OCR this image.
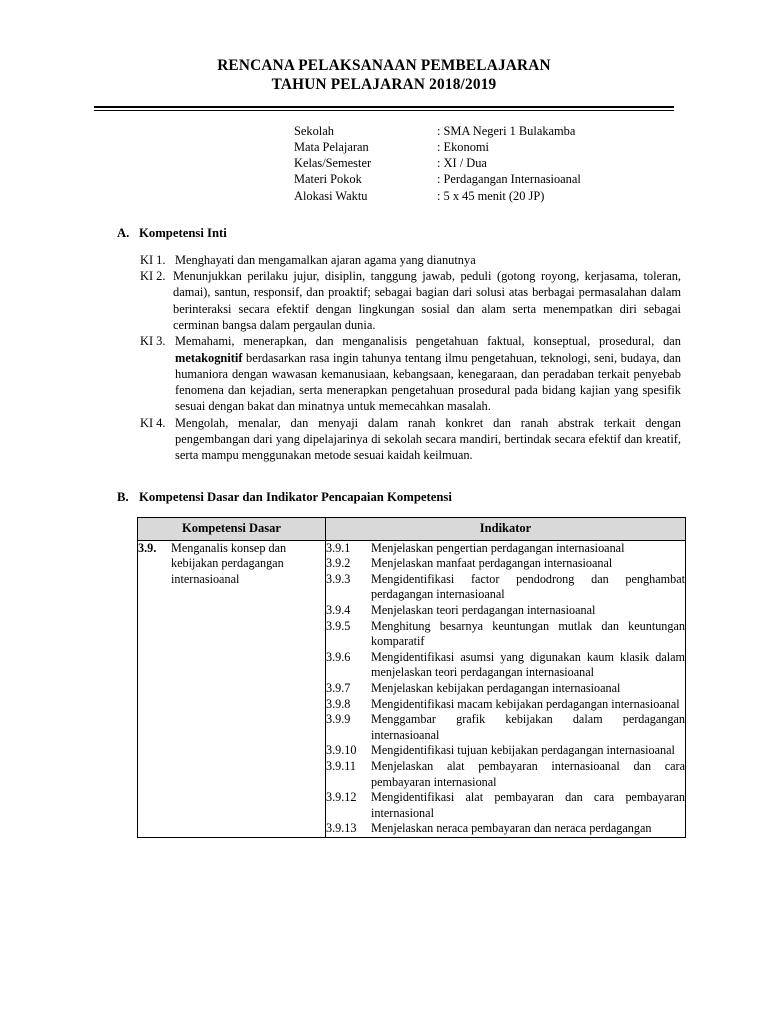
RENCANA PELAKSANAAN PEMBELAJARAN
TAHUN PELAJARAN 2018/2019
Sekolah	: SMA Negeri 1 Bulakamba
Mata Pelajaran	: Ekonomi
Kelas/Semester	: XI / Dua
Materi Pokok	: Perdagangan Internasioanal
Alokasi Waktu	: 5 x 45 menit (20 JP)
A. Kompetensi Inti
KI 1. Menghayati dan mengamalkan ajaran agama yang dianutnya
KI 2. Menunjukkan perilaku jujur, disiplin, tanggung jawab, peduli (gotong royong, kerjasama, toleran, damai), santun, responsif, dan proaktif; sebagai bagian dari solusi atas berbagai permasalahan dalam berinteraksi secara efektif dengan lingkungan sosial dan alam serta menempatkan diri sebagai cerminan bangsa dalam pergaulan dunia.
KI 3. Memahami, menerapkan, dan menganalisis pengetahuan faktual, konseptual, prosedural, dan metakognitif berdasarkan rasa ingin tahunya tentang ilmu pengetahuan, teknologi, seni, budaya, dan humaniora dengan wawasan kemanusiaan, kebangsaan, kenegaraan, dan peradaban terkait penyebab fenomena dan kejadian, serta menerapkan pengetahuan prosedural pada bidang kajian yang spesifik sesuai dengan bakat dan minatnya untuk memecahkan masalah.
KI 4. Mengolah, menalar, dan menyaji dalam ranah konkret dan ranah abstrak terkait dengan pengembangan dari yang dipelajarinya di sekolah secara mandiri, bertindak secara efektif dan kreatif, serta mampu menggunakan metode sesuai kaidah keilmuan.
B. Kompetensi Dasar dan Indikator Pencapaian Kompetensi
Kompetensi Dasar	Indikator

3.9.	Menganalis konsep dan kebijakan perdagangan internasioanal

3.9.1	Menjelaskan pengertian perdagangan internasioanal
3.9.2	Menjelaskan manfaat perdagangan internasioanal
3.9.3	Mengidentifikasi factor pendodrong dan penghambat perdagangan internasioanal
3.9.4	Menjelaskan teori perdagangan internasioanal
3.9.5	Menghitung besarnya keuntungan mutlak dan keuntungan komparatif
3.9.6	Mengidentifikasi asumsi yang digunakan kaum klasik dalam menjelaskan teori perdagangan internasioanal
3.9.7	Menjelaskan kebijakan perdagangan internasioanal
3.9.8	Mengidentifikasi macam kebijakan perdagangan internasioanal
3.9.9	Menggambar grafik kebijakan dalam perdagangan internasioanal
3.9.10	Mengidentifikasi tujuan kebijakan perdagangan internasioanal
3.9.11	Menjelaskan alat pembayaran internasioanal dan cara pembayaran internasional
3.9.12	Mengidentifikasi alat pembayaran dan cara pembayaran internasional
3.9.13	Menjelaskan neraca pembayaran dan neraca perdagangan
